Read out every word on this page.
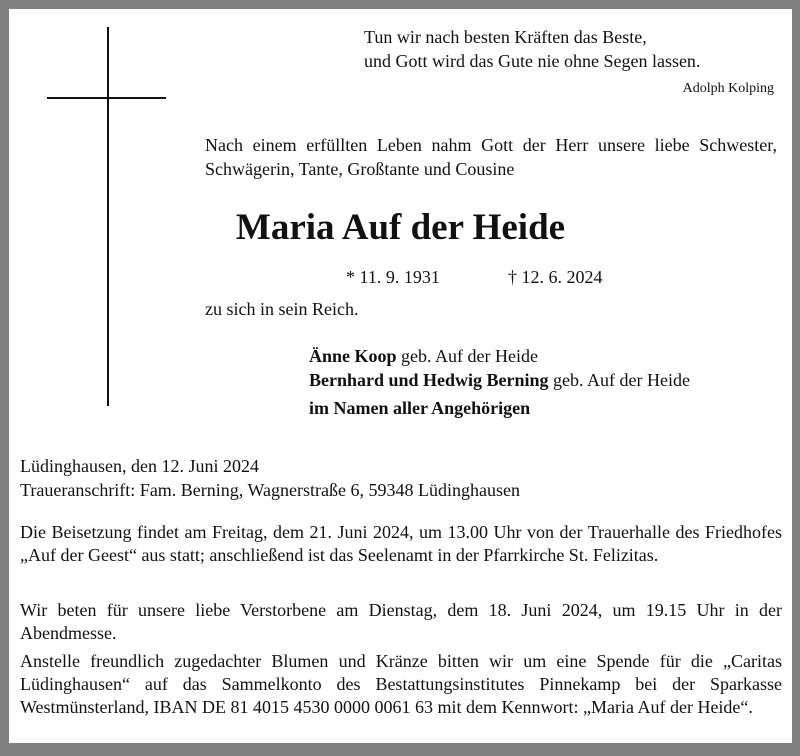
Tun wir nach besten Kräften das Beste,
und Gott wird das Gute nie ohne Segen lassen.
Adolph Kolping
Nach einem erfüllten Leben nahm Gott der Herr unsere liebe Schwester, Schwägerin, Tante, Großtante und Cousine
Maria Auf der Heide
* 11. 9. 1931	† 12. 6. 2024
zu sich in sein Reich.
Änne Koop geb. Auf der Heide
Bernhard und Hedwig Berning geb. Auf der Heide
im Namen aller Angehörigen
Lüdinghausen, den 12. Juni 2024
Traueranschrift: Fam. Berning, Wagnerstraße 6, 59348 Lüdinghausen
Die Beisetzung findet am Freitag, dem 21. Juni 2024, um 13.00 Uhr von der Trauerhalle des Friedhofes „Auf der Geest“ aus statt; anschließend ist das Seelenamt in der Pfarrkirche St. Felizitas.
Wir beten für unsere liebe Verstorbene am Dienstag, dem 18. Juni 2024, um 19.15 Uhr in der Abendmesse.
Anstelle freundlich zugedachter Blumen und Kränze bitten wir um eine Spende für die „Caritas Lüdinghausen“ auf das Sammelkonto des Bestattungsinstitutes Pinnekamp bei der Sparkasse Westmünsterland, IBAN DE 81 4015 4530 0000 0061 63 mit dem Kennwort: „Maria Auf der Heide“.
